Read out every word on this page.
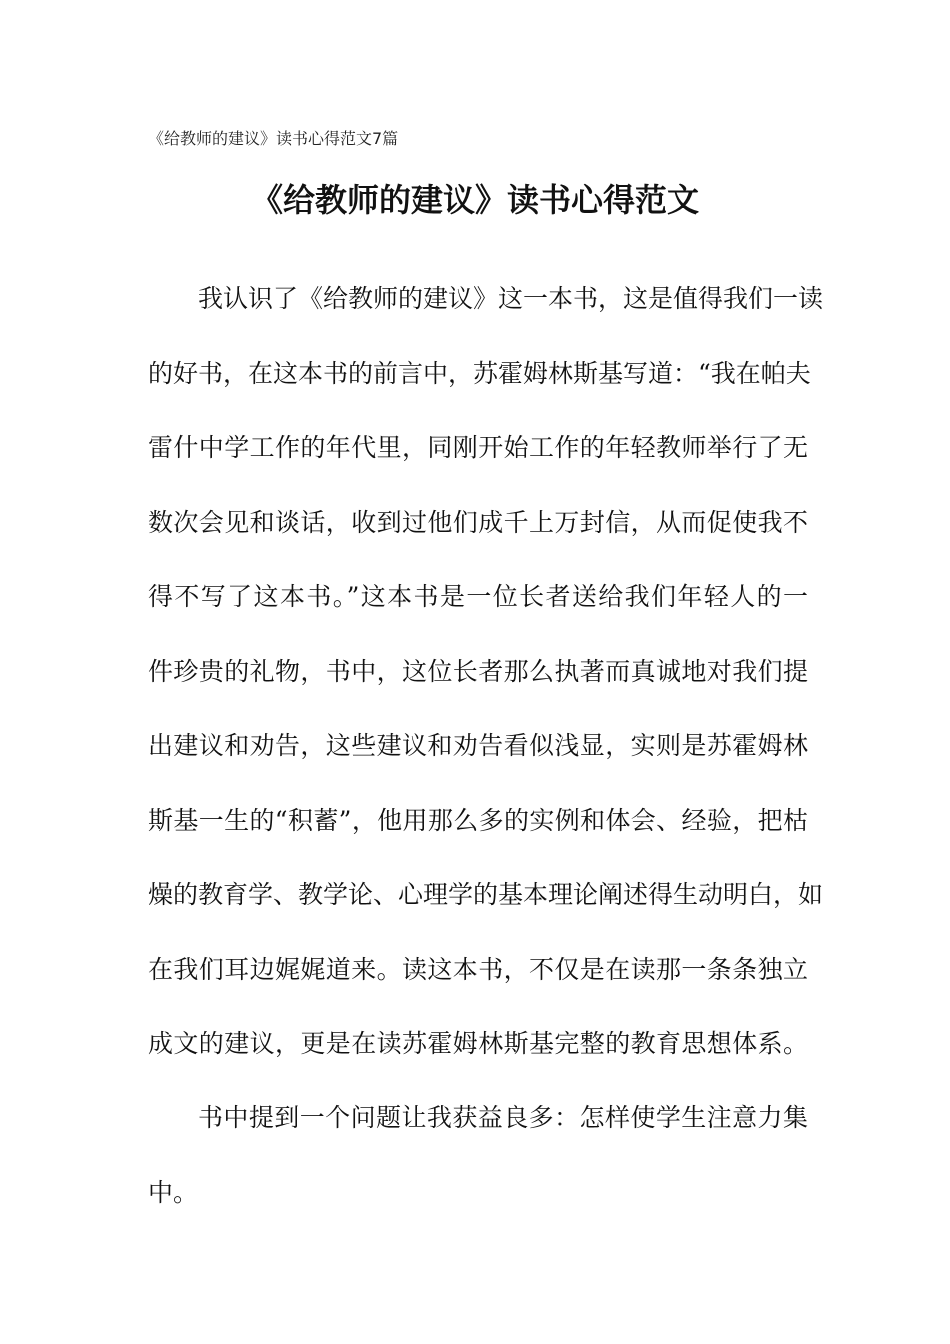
《给教师的建议》读书心得范文7篇
《给教师的建议》读书心得范文
我认识了《给教师的建议》这一本书，这是值得我们一读
的好书，在这本书的前言中，苏霍姆林斯基写道：“我在帕夫
雷什中学工作的年代里，同刚开始工作的年轻教师举行了无
数次会见和谈话，收到过他们成千上万封信，从而促使我不
得不写了这本书。”这本书是一位长者送给我们年轻人的一
件珍贵的礼物，书中，这位长者那么执著而真诚地对我们提
出建议和劝告，这些建议和劝告看似浅显，实则是苏霍姆林
斯基一生的“积蓄”，他用那么多的实例和体会、经验，把枯
燥的教育学、教学论、心理学的基本理论阐述得生动明白，如
在我们耳边娓娓道来。读这本书，不仅是在读那一条条独立
成文的建议，更是在读苏霍姆林斯基完整的教育思想体系。
书中提到一个问题让我获益良多：怎样使学生注意力集
中。
